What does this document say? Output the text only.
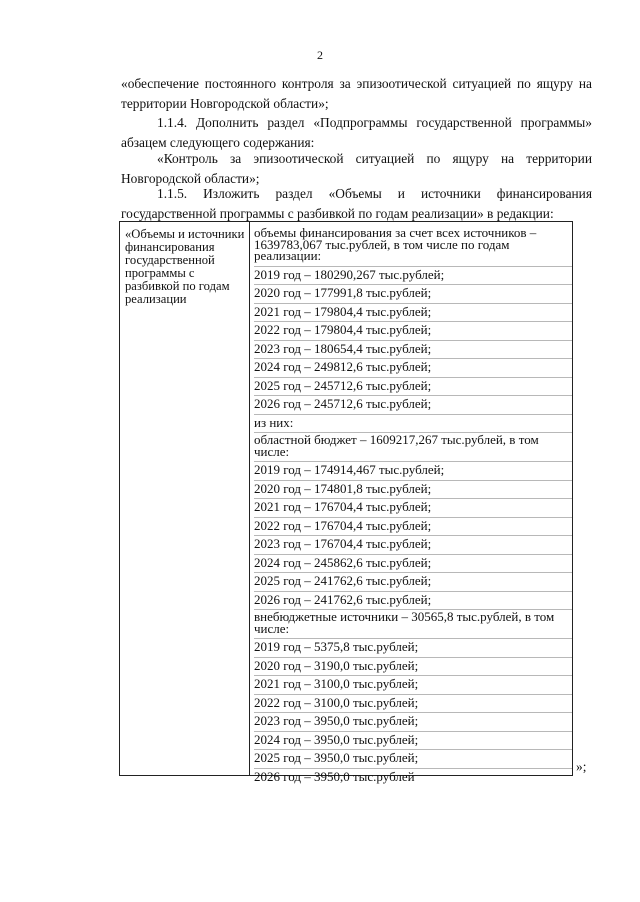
2
«обеспечение постоянного контроля за эпизоотической ситуацией по ящуру на территории Новгородской области»;
1.1.4. Дополнить раздел «Подпрограммы государственной программы» абзацем следующего содержания:
«Контроль за эпизоотической ситуацией по ящуру на территории Новгородской области»;
1.1.5. Изложить раздел «Объемы и источники финансирования государственной программы с разбивкой по годам реализации» в редакции:
«Объемы и источники финансирования государственной программы с разбивкой по годам реализации
объемы финансирования за счет всех источников – 1639783,067 тыс.рублей, в том числе по годам реализации:
2019 год – 180290,267 тыс.рублей;
2020 год – 177991,8 тыс.рублей;
2021 год – 179804,4 тыс.рублей;
2022 год – 179804,4 тыс.рублей;
2023 год – 180654,4 тыс.рублей;
2024 год – 249812,6 тыс.рублей;
2025 год – 245712,6 тыс.рублей;
2026 год – 245712,6 тыс.рублей;
из них:
областной бюджет – 1609217,267 тыс.рублей, в том числе:
2019 год – 174914,467 тыс.рублей;
2020 год – 174801,8 тыс.рублей;
2021 год – 176704,4 тыс.рублей;
2022 год – 176704,4 тыс.рублей;
2023 год – 176704,4 тыс.рублей;
2024 год – 245862,6 тыс.рублей;
2025 год – 241762,6 тыс.рублей;
2026 год – 241762,6 тыс.рублей;
внебюджетные источники – 30565,8 тыс.рублей, в том числе:
2019 год – 5375,8 тыс.рублей;
2020 год – 3190,0 тыс.рублей;
2021 год – 3100,0 тыс.рублей;
2022 год – 3100,0 тыс.рублей;
2023 год – 3950,0 тыс.рублей;
2024 год – 3950,0 тыс.рублей;
2025 год – 3950,0 тыс.рублей;
2026 год – 3950,0 тыс.рублей
»;
